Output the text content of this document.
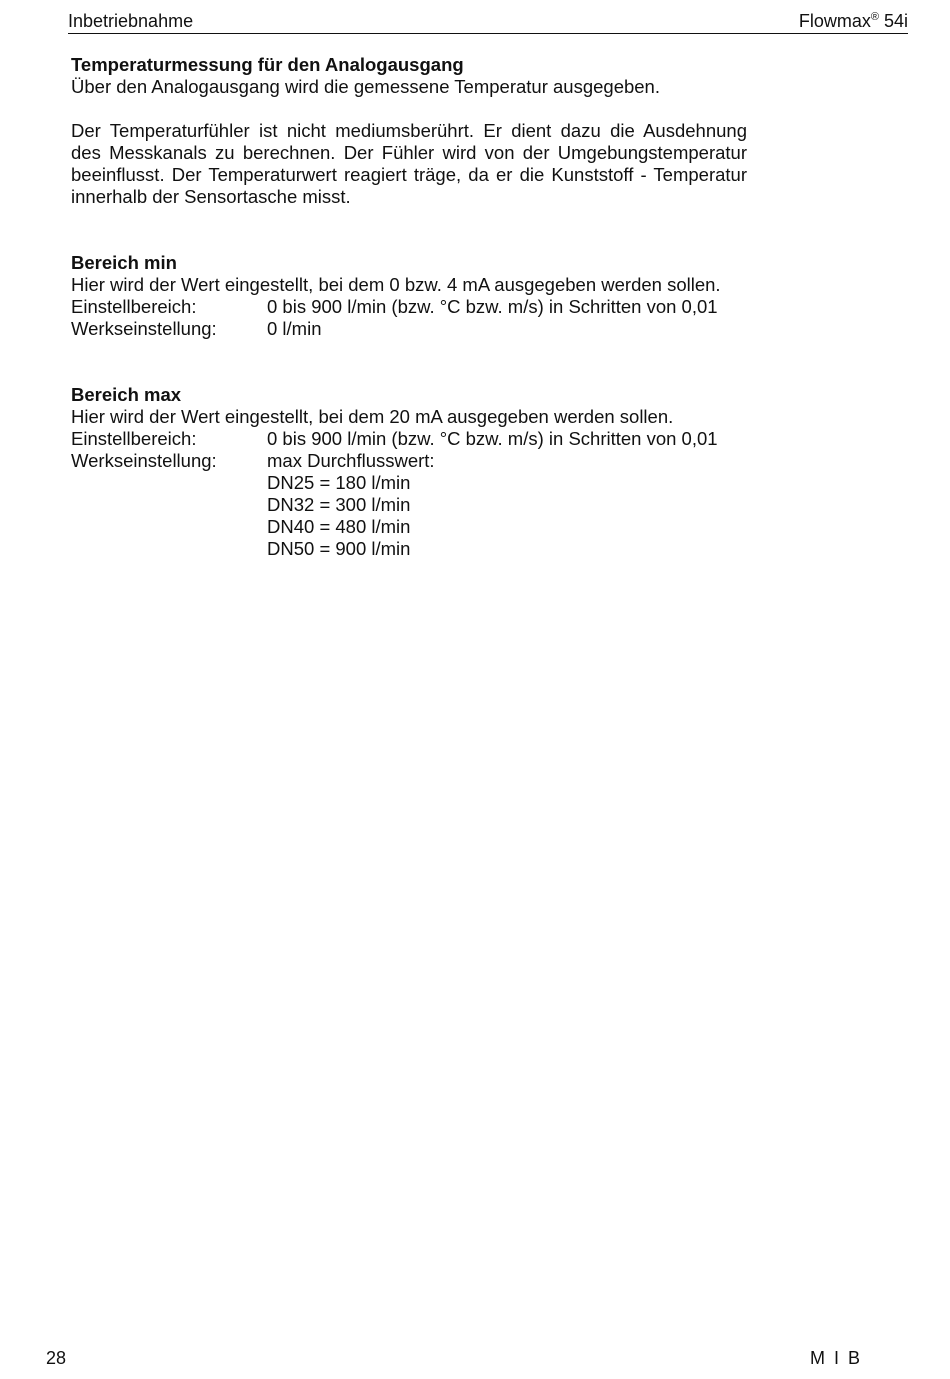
Inbetriebnahme	Flowmax® 54i

Temperaturmessung für den Analogausgang

Über den Analogausgang wird die gemessene Temperatur ausgegeben.

Der Temperaturfühler ist nicht mediumsberührt. Er dient dazu die Ausdehnung

des Messkanals zu berechnen. Der Fühler wird von der Umgebungstemperatur

beeinflusst. Der Temperaturwert reagiert träge, da er die Kunststoff - Temperatur

innerhalb der Sensortasche misst.

Bereich min

Hier wird der Wert eingestellt, bei dem 0 bzw. 4 mA ausgegeben werden sollen.

Einstellbereich:	0 bis 900 l/min (bzw. °C bzw. m/s) in Schritten von 0,01
Werkseinstellung:	0 l/min

Bereich max

Hier wird der Wert eingestellt, bei dem 20 mA ausgegeben werden sollen.

Einstellbereich:	0 bis 900 l/min (bzw. °C bzw. m/s) in Schritten von 0,01
Werkseinstellung:	max Durchflusswert:
DN25 = 180 l/min
DN32 = 300 l/min
DN40 = 480 l/min
DN50 = 900 l/min
28	M I B
